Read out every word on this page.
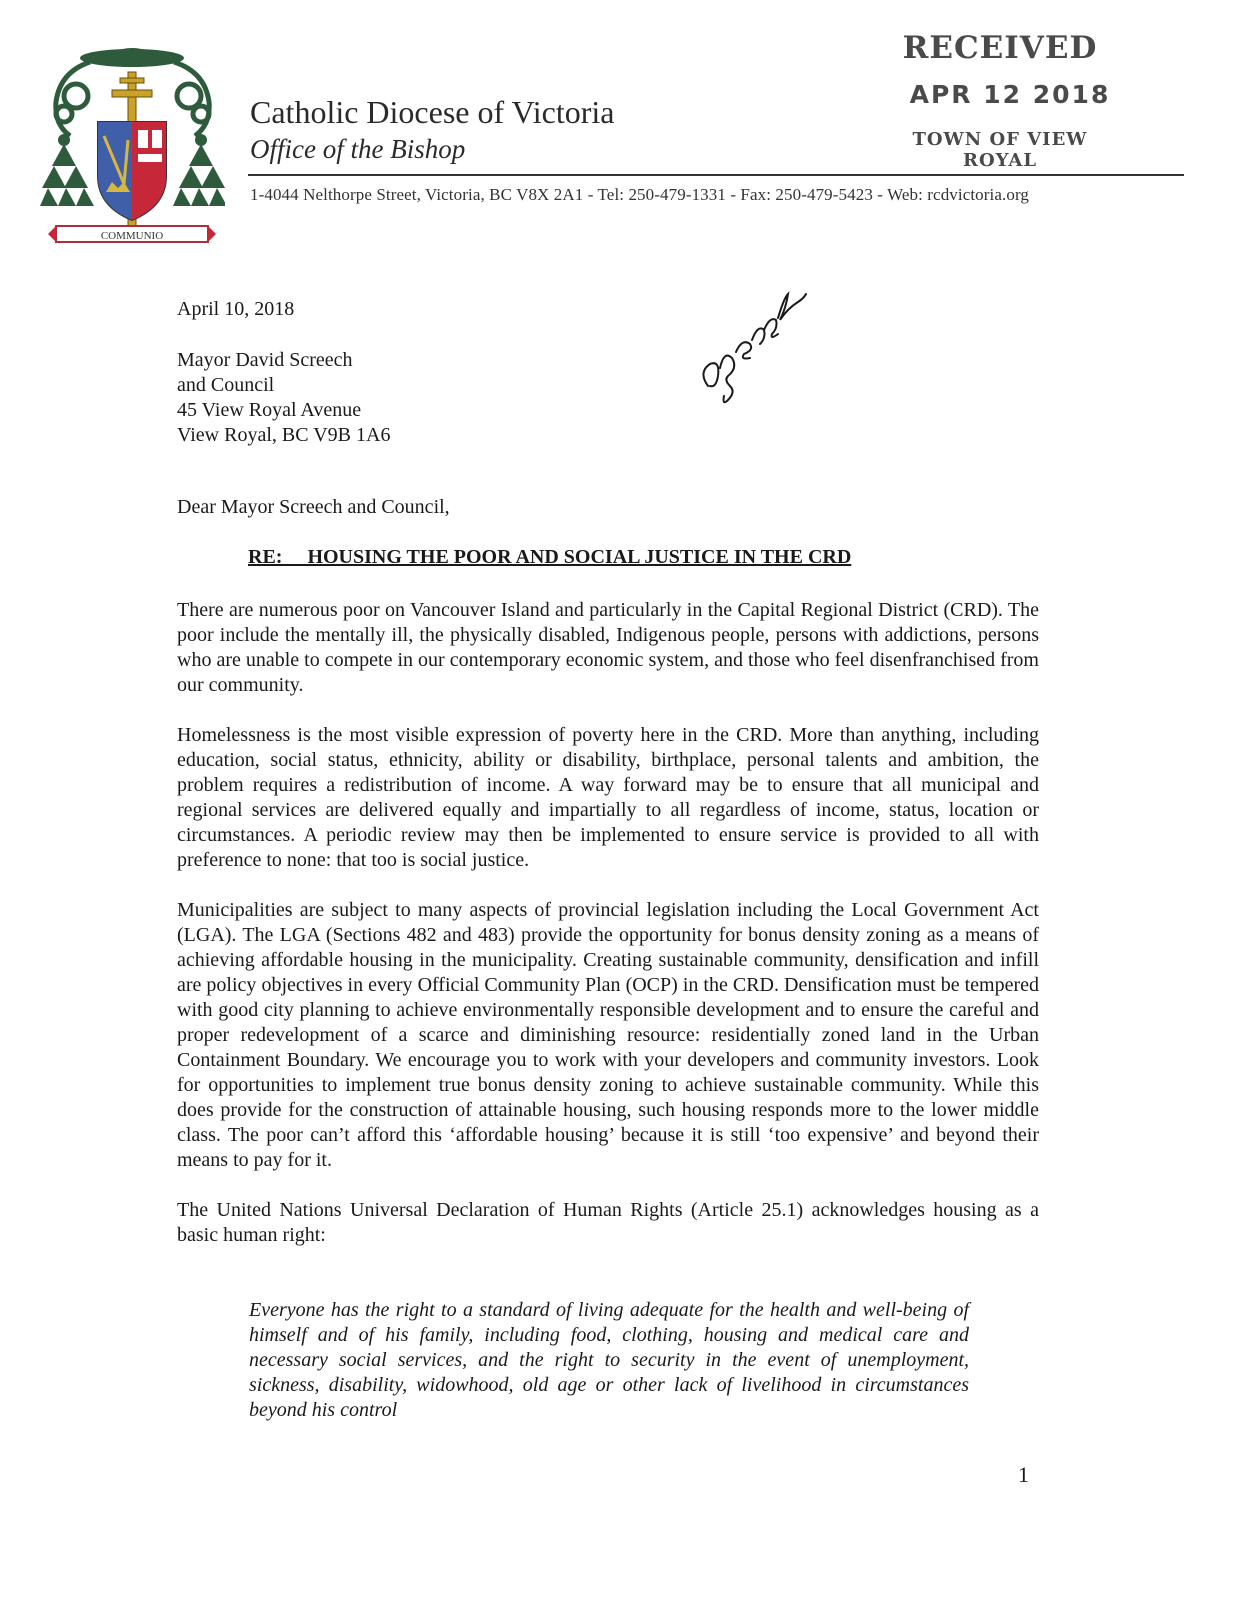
COMMUNIO
Catholic Diocese of Victoria
Office of the Bishop
1-4044 Nelthorpe Street, Victoria, BC V8X 2A1 - Tel: 250-479-1331 - Fax: 250-479-5423 - Web: rcdvictoria.org
RECEIVED
APR 12 2018
TOWN OF VIEW ROYAL
April 10, 2018
Mayor David Screech
and Council
45 View Royal Avenue
View Royal, BC V9B 1A6
Dear Mayor Screech and Council,
RE:     HOUSING THE POOR AND SOCIAL JUSTICE IN THE CRD

There are numerous poor on Vancouver Island and particularly in the Capital Regional District (CRD). The poor include the mentally ill, the physically disabled, Indigenous people, persons with addictions, persons who are unable to compete in our contemporary economic system, and those who feel disenfranchised from our community.

Homelessness is the most visible expression of poverty here in the CRD. More than anything, including education, social status, ethnicity, ability or disability, birthplace, personal talents and ambition, the problem requires a redistribution of income. A way forward may be to ensure that all municipal and regional services are delivered equally and impartially to all regardless of income, status, location or circumstances. A periodic review may then be implemented to ensure service is provided to all with preference to none: that too is social justice.

Municipalities are subject to many aspects of provincial legislation including the Local Government Act (LGA). The LGA (Sections 482 and 483) provide the opportunity for bonus density zoning as a means of achieving affordable housing in the municipality. Creating sustainable community, densification and infill are policy objectives in every Official Community Plan (OCP) in the CRD. Densification must be tempered with good city planning to achieve environmentally responsible development and to ensure the careful and proper redevelopment of a scarce and diminishing resource: residentially zoned land in the Urban Containment Boundary. We encourage you to work with your developers and community investors. Look for opportunities to implement true bonus density zoning to achieve sustainable community. While this does provide for the construction of attainable housing, such housing responds more to the lower middle class. The poor can’t afford this ‘affordable housing’ because it is still ‘too expensive’ and beyond their means to pay for it.

The United Nations Universal Declaration of Human Rights (Article 25.1) acknowledges housing as a basic human right:

Everyone has the right to a standard of living adequate for the health and well-being of himself and of his family, including food, clothing, housing and medical care and necessary social services, and the right to security in the event of unemployment, sickness, disability, widowhood, old age or other lack of livelihood in circumstances beyond his control

1
